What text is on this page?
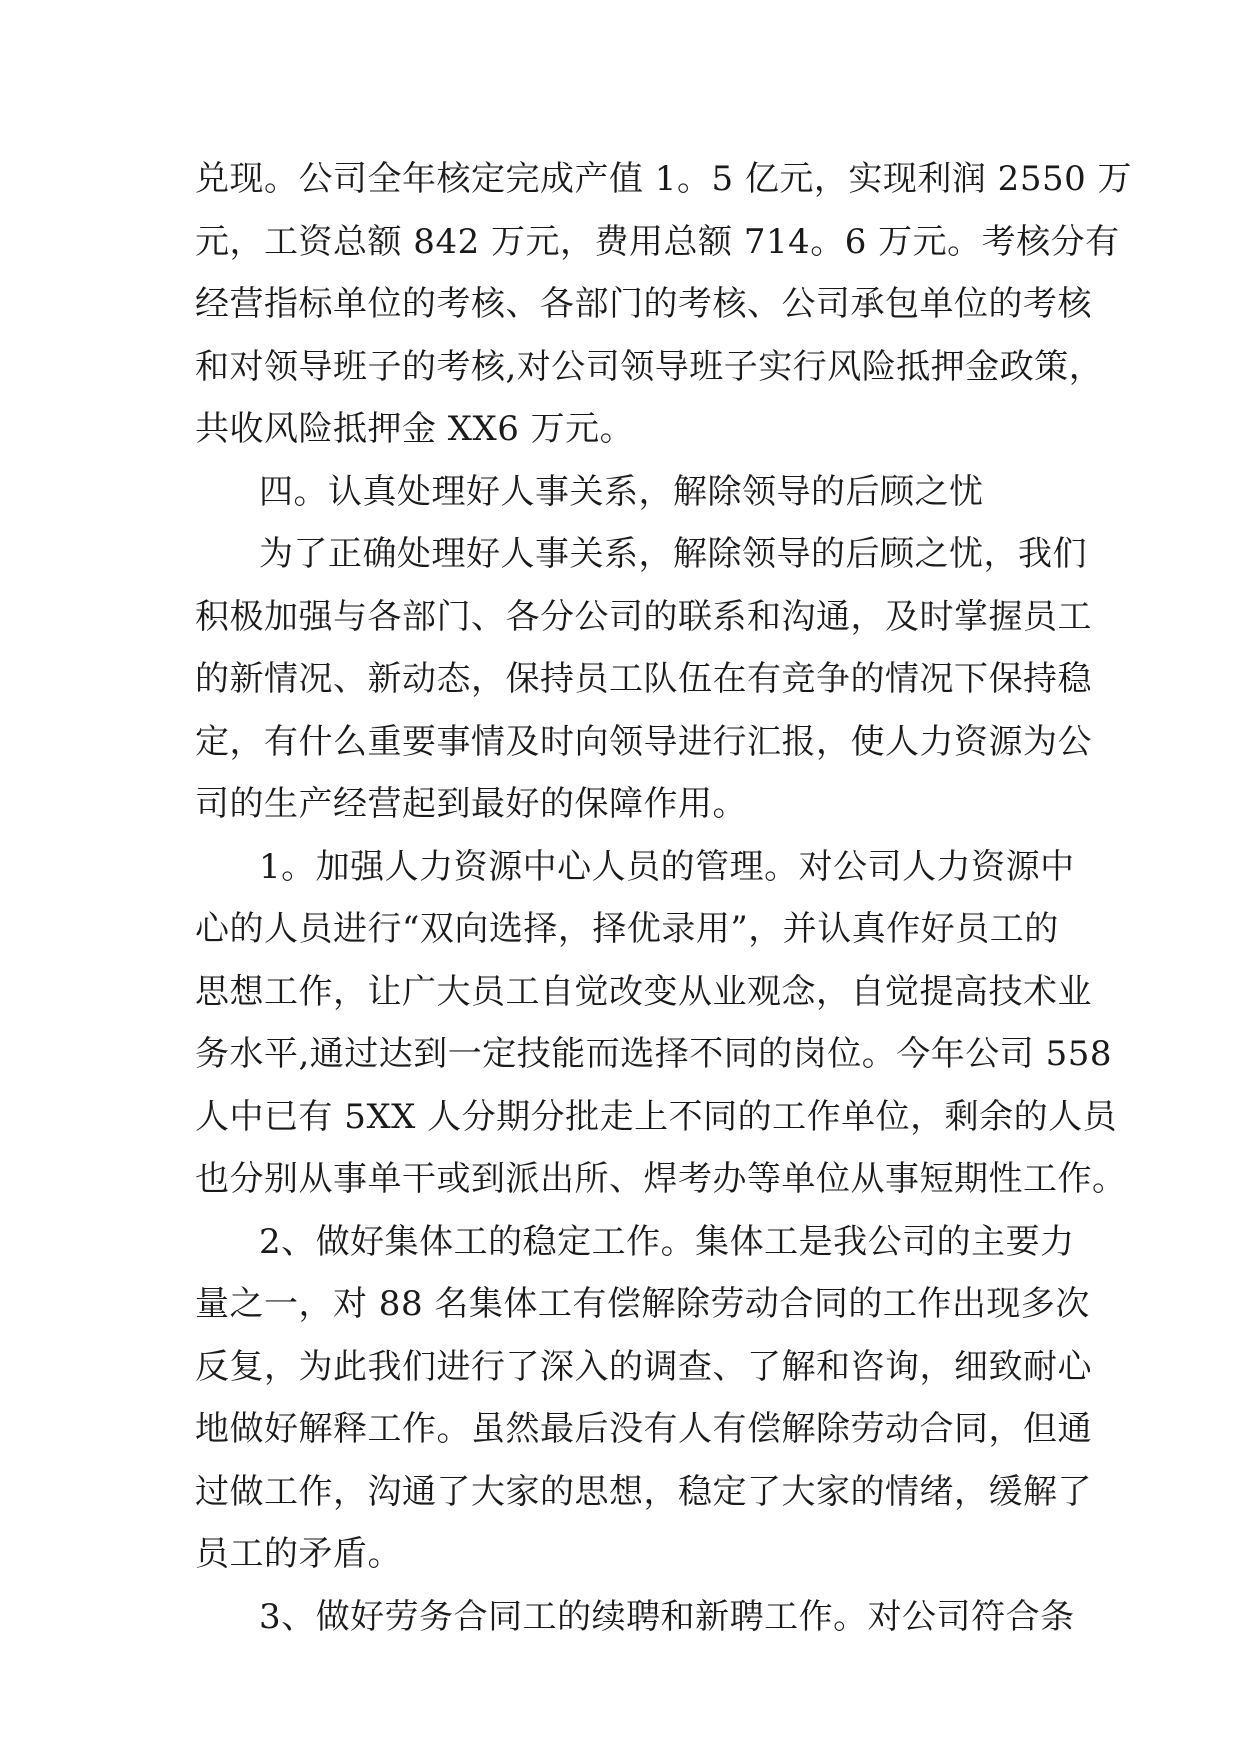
兑现。公司全年核定完成产值 1。5 亿元，实现利润 2550 万
元，工资总额 842 万元，费用总额 714。6 万元。考核分有
经营指标单位的考核、各部门的考核、公司承包单位的考核
和对领导班子的考核,对公司领导班子实行风险抵押金政策，
共收风险抵押金 XX6 万元。
四。认真处理好人事关系，解除领导的后顾之忧
为了正确处理好人事关系，解除领导的后顾之忧，我们
积极加强与各部门、各分公司的联系和沟通，及时掌握员工
的新情况、新动态，保持员工队伍在有竞争的情况下保持稳
定，有什么重要事情及时向领导进行汇报，使人力资源为公
司的生产经营起到最好的保障作用。
1。加强人力资源中心人员的管理。对公司人力资源中
心的人员进行“双向选择，择优录用”，并认真作好员工的
思想工作，让广大员工自觉改变从业观念，自觉提高技术业
务水平,通过达到一定技能而选择不同的岗位。今年公司 558
人中已有 5XX 人分期分批走上不同的工作单位，剩余的人员
也分别从事单干或到派出所、焊考办等单位从事短期性工作。
2、做好集体工的稳定工作。集体工是我公司的主要力
量之一，对 88 名集体工有偿解除劳动合同的工作出现多次
反复，为此我们进行了深入的调查、了解和咨询，细致耐心
地做好解释工作。虽然最后没有人有偿解除劳动合同，但通
过做工作，沟通了大家的思想，稳定了大家的情绪，缓解了
员工的矛盾。
3、做好劳务合同工的续聘和新聘工作。对公司符合条
